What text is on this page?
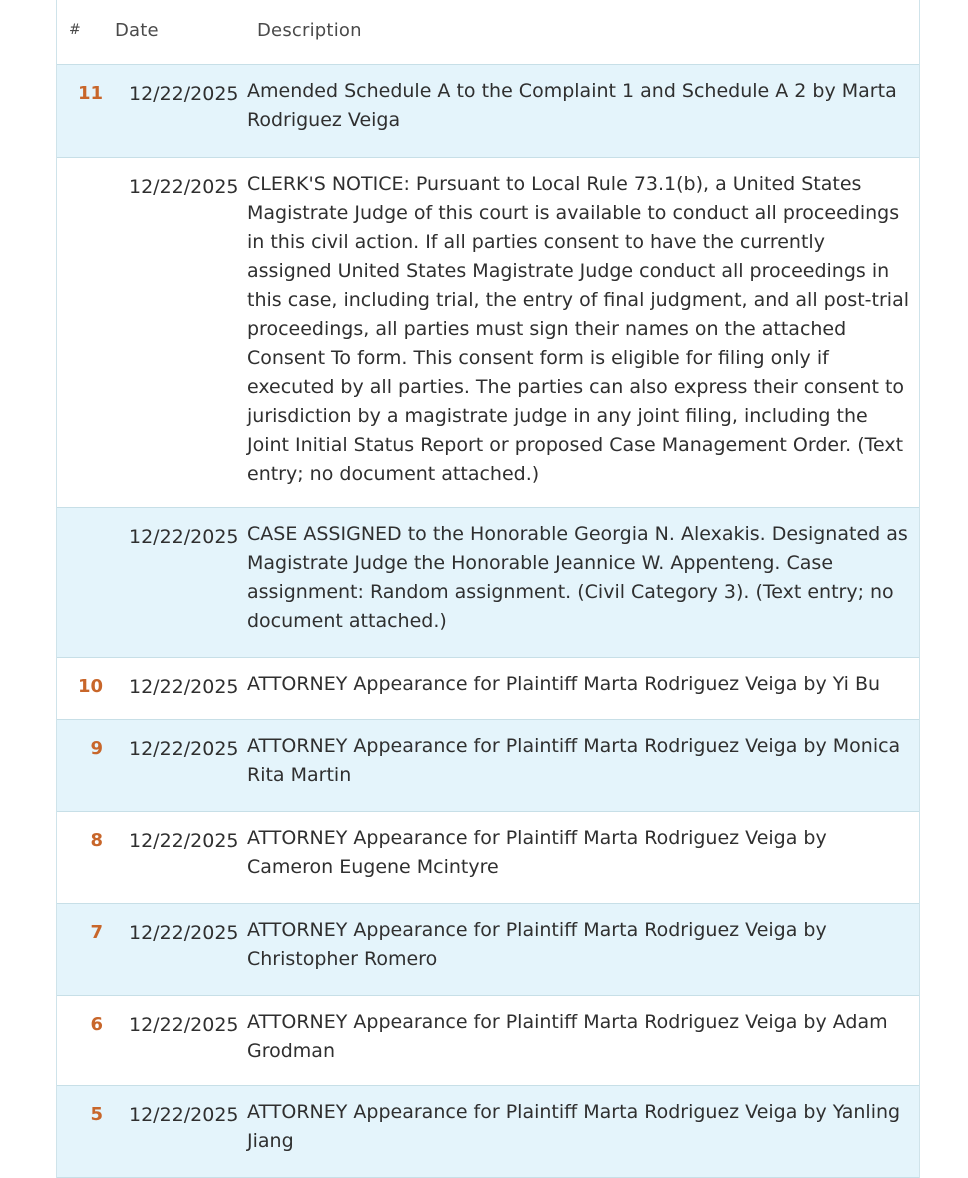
# Date	Description
11 12/22/2025 Amended Schedule A to the Complaint 1 and Schedule A 2 by Marta Rodriguez Veiga
12/22/2025 CLERK'S NOTICE: Pursuant to Local Rule 73.1(b), a United States Magistrate Judge of this court is available to conduct all proceedings in this civil action. If all parties consent to have the currently assigned United States Magistrate Judge conduct all proceedings in this case, including trial, the entry of final judgment, and all post-trial proceedings, all parties must sign their names on the attached Consent To form. This consent form is eligible for filing only if executed by all parties. The parties can also express their consent to jurisdiction by a magistrate judge in any joint filing, including the Joint Initial Status Report or proposed Case Management Order. (Text entry; no document attached.)
12/22/2025 CASE ASSIGNED to the Honorable Georgia N. Alexakis. Designated as Magistrate Judge the Honorable Jeannice W. Appenteng. Case assignment: Random assignment. (Civil Category 3). (Text entry; no document attached.)
10 12/22/2025 ATTORNEY Appearance for Plaintiff Marta Rodriguez Veiga by Yi Bu
9 12/22/2025 ATTORNEY Appearance for Plaintiff Marta Rodriguez Veiga by Monica Rita Martin
8 12/22/2025 ATTORNEY Appearance for Plaintiff Marta Rodriguez Veiga by Cameron Eugene Mcintyre
7 12/22/2025 ATTORNEY Appearance for Plaintiff Marta Rodriguez Veiga by Christopher Romero
6 12/22/2025 ATTORNEY Appearance for Plaintiff Marta Rodriguez Veiga by Adam Grodman
5 12/22/2025 ATTORNEY Appearance for Plaintiff Marta Rodriguez Veiga by Yanling Jiang
